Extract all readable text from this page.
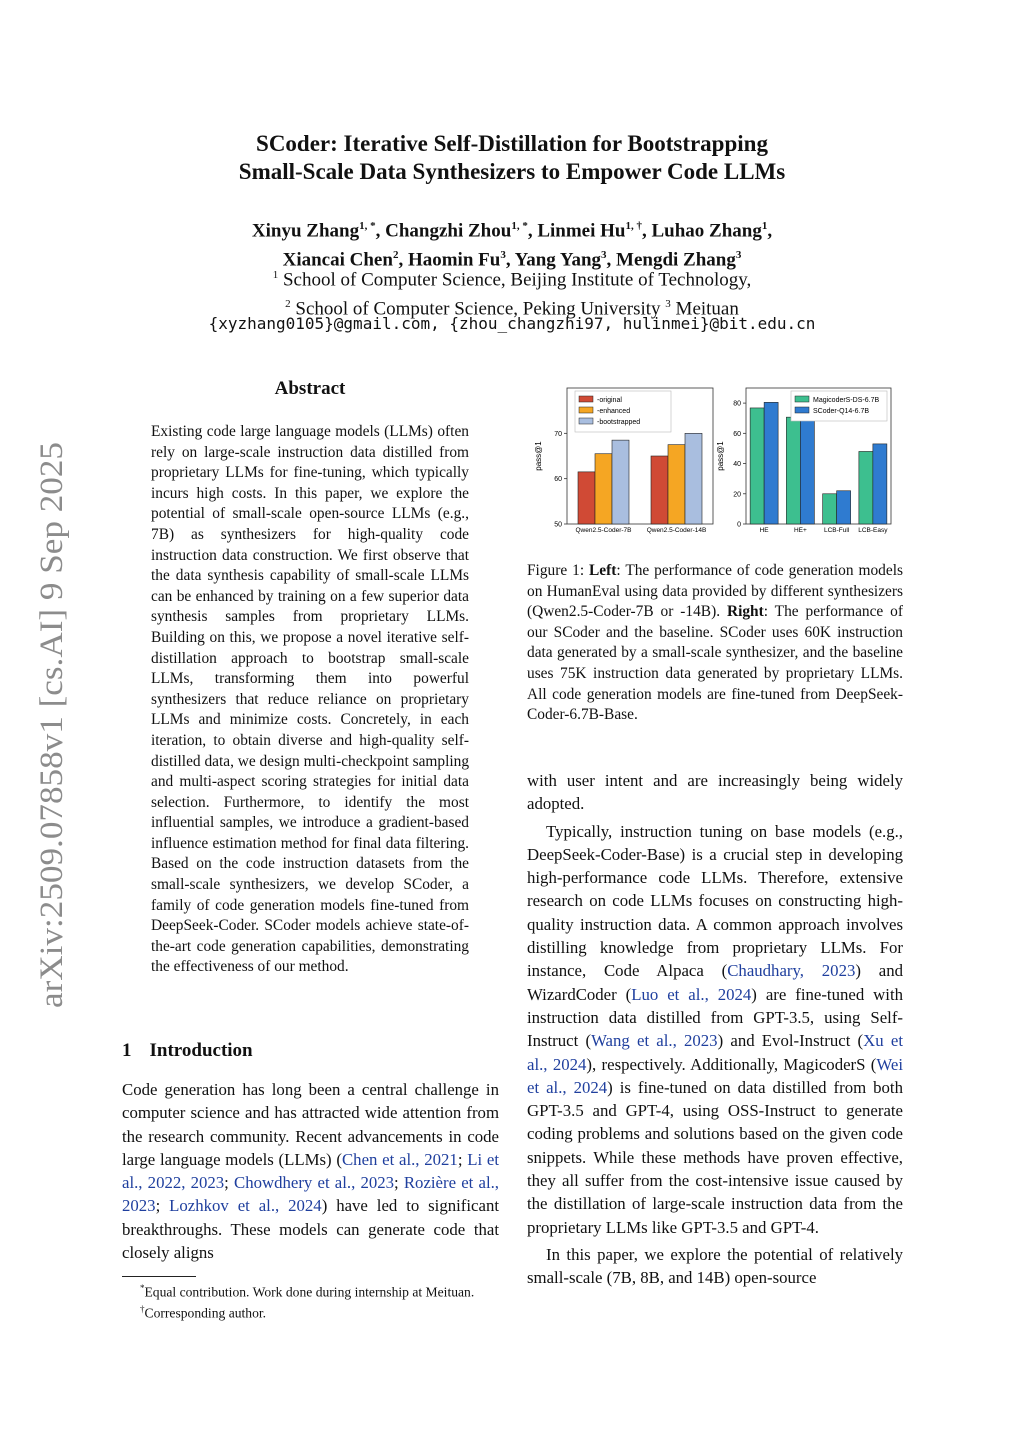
arXiv:2509.07858v1 [cs.AI] 9 Sep 2025
SCoder: Iterative Self-Distillation for Bootstrapping
Small-Scale Data Synthesizers to Empower Code LLMs
Xinyu Zhang$^{1, *}$, Changzhi Zhou$^{1, *}$, Linmei $Hu^{1, \dagger}$, Luhao Zhang$^1$,
Xiancai Chen$^2$, Haomin Fu$^3$, Yang Yang$^3$, Mengdi Zhang$^3$
$^1$ School of Computer Science, Beijing Institute of Technology,
$^2$ School of Computer Science, Peking University $^3$ Meituan
{xyzhang0105}@gmail.com, {zhou_changzhi97, hulinmei}@bit.edu.cn
Abstract
Existing code large language models (LLMs) often rely on large-scale instruction data distilled from proprietary LLMs for fine-tuning, which typically incurs high costs. In this paper, we explore the potential of small-scale open-source LLMs (e.g., 7B) as synthesizers for high-quality code instruction data construction. We first observe that the data synthesis capability of small-scale LLMs can be enhanced by training on a few superior data synthesis samples from proprietary LLMs. Building on this, we propose a novel iterative self-distillation approach to bootstrap small-scale LLMs, transforming them into powerful synthesizers that reduce reliance on proprietary LLMs and minimize costs. Concretely, in each iteration, to obtain diverse and high-quality self-distilled data, we design multi-checkpoint sampling and multi-aspect scoring strategies for initial data selection. Furthermore, to identify the most influential samples, we introduce a gradient-based influence estimation method for final data filtering. Based on the code instruction datasets from the small-scale synthesizers, we develop SCoder, a family of code generation models fine-tuned from DeepSeek-Coder. SCoder models achieve state-of-the-art code generation capabilities, demonstrating the effectiveness of our method.
1 Introduction
Code generation has long been a central challenge in computer science and has attracted wide attention from the research community. Recent advancements in code large language models (LLMs) (Chen et al., 2021; Li et al., 2022, 2023; Chowdhery et al., 2023; Rozière et al., 2023; Lozhkov et al., 2024) have led to significant breakthroughs. These models can generate code that closely aligns

*Equal contribution. Work done during internship at Meituan.

†Corresponding author.

50
60
70
pass@1
Qwen2.5-Coder-7B Qwen2.5-Coder-14B
-original
-enhanced
-bootstrapped
0
20
40
60
80
pass@1
HE	HE+	LCB-Full LCB-Easy
MagicoderS-DS-6.7B
SCoder-Q14-6.7B
Figure 1: Left: The performance of code generation models on HumanEval using data provided by different synthesizers (Qwen2.5-Coder-7B or -14B). Right: The performance of our SCoder and the baseline. SCoder uses 60K instruction data generated by a small-scale synthesizer, and the baseline uses 75K instruction data generated by proprietary LLMs. All code generation models are fine-tuned from DeepSeek-Coder-6.7B-Base.

with user intent and are increasingly being widely adopted.

Typically, instruction tuning on base models (e.g., DeepSeek-Coder-Base) is a crucial step in developing high-performance code LLMs. Therefore, extensive research on code LLMs focuses on constructing high-quality instruction data. A common approach involves distilling knowledge from proprietary LLMs. For instance, Code Alpaca (Chaudhary, 2023) and WizardCoder (Luo et al., 2024) are fine-tuned with instruction data distilled from GPT-3.5, using Self-Instruct (Wang et al., 2023) and Evol-Instruct (Xu et al., 2024), respectively. Additionally, MagicoderS (Wei et al., 2024) is fine-tuned on data distilled from both GPT-3.5 and GPT-4, using OSS-Instruct to generate coding problems and solutions based on the given code snippets. While these methods have proven effective, they all suffer from the cost-intensive issue caused by the distillation of large-scale instruction data from the proprietary LLMs like GPT-3.5 and GPT-4.

In this paper, we explore the potential of relatively small-scale (7B, 8B, and 14B) open-source
